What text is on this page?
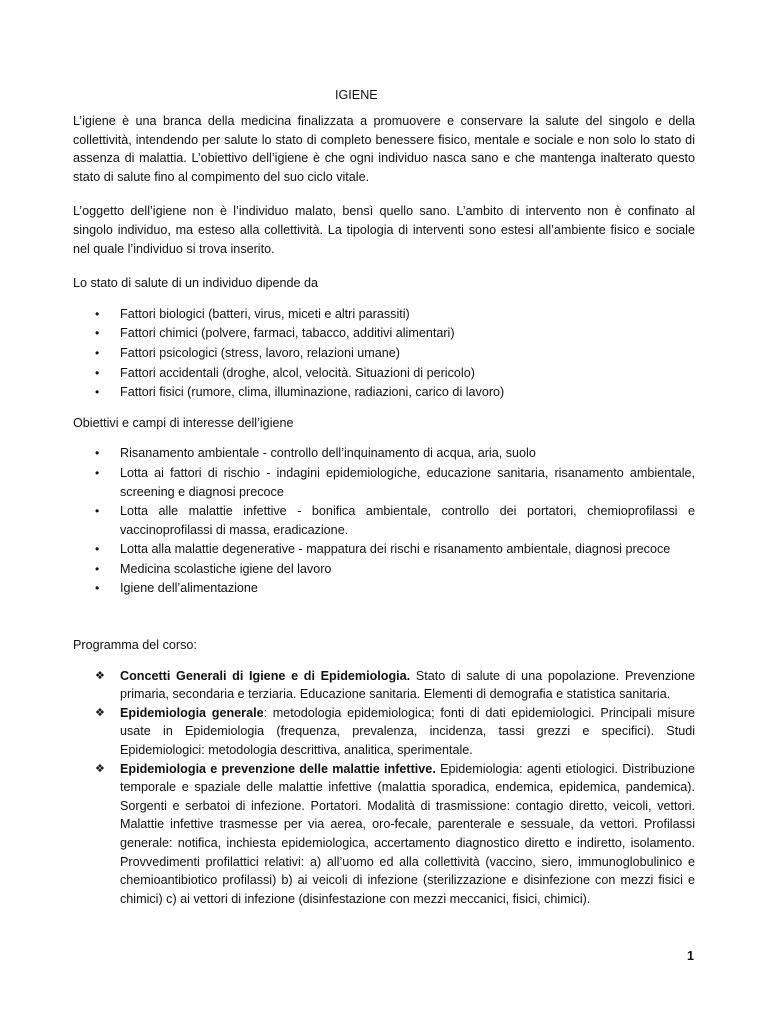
IGIENE

L’igiene è una branca della medicina finalizzata a promuovere e conservare la salute del singolo e della collettività, intendendo per salute lo stato di completo benessere fisico, mentale e sociale e non solo lo stato di assenza di malattia. L’obiettivo dell’igiene è che ogni individuo nasca sano e che mantenga inalterato questo stato di salute fino al compimento del suo ciclo vitale.

L’oggetto dell’igiene non è l’individuo malato, bensì quello sano. L’ambito di intervento non è confinato al singolo individuo, ma esteso alla collettività. La tipologia di interventi sono estesi all’ambiente fisico e sociale nel quale l’individuo si trova inserito.

Lo stato di salute di un individuo dipende da

• Fattori biologici (batteri, virus, miceti e altri parassiti)
• Fattori chimici (polvere, farmaci, tabacco, additivi alimentari)
• Fattori psicologici (stress, lavoro, relazioni umane)
• Fattori accidentali (droghe, alcol, velocità. Situazioni di pericolo)
• Fattori fisici (rumore, clima, illuminazione, radiazioni, carico di lavoro)

Obiettivi e campi di interesse dell’igiene

• Risanamento ambientale - controllo dell’inquinamento di acqua, aria, suolo
• Lotta ai fattori di rischio - indagini epidemiologiche, educazione sanitaria, risanamento ambientale, screening e diagnosi precoce
• Lotta alle malattie infettive - bonifica ambientale, controllo dei portatori, chemioprofilassi e vaccinoprofilassi di massa, eradicazione.
• Lotta alla malattie degenerative - mappatura dei rischi e risanamento ambientale, diagnosi precoce
• Medicina scolastiche igiene del lavoro
• Igiene dell’alimentazione

Programma del corso:

❖ Concetti Generali di Igiene e di Epidemiologia. Stato di salute di una popolazione. Prevenzione primaria, secondaria e terziaria. Educazione sanitaria. Elementi di demografia e statistica sanitaria.
❖ Epidemiologia generale: metodologia epidemiologica; fonti di dati epidemiologici. Principali misure usate in Epidemiologia (frequenza, prevalenza, incidenza, tassi grezzi e specifici). Studi Epidemiologici: metodologia descrittiva, analitica, sperimentale.
❖ Epidemiologia e prevenzione delle malattie infettive. Epidemiologia: agenti etiologici. Distribuzione temporale e spaziale delle malattie infettive (malattia sporadica, endemica, epidemica, pandemica). Sorgenti e serbatoi di infezione. Portatori. Modalità di trasmissione: contagio diretto, veicoli, vettori. Malattie infettive trasmesse per via aerea, oro-fecale, parenterale e sessuale, da vettori. Profilassi generale: notifica, inchiesta epidemiologica, accertamento diagnostico diretto e indiretto, isolamento. Provvedimenti profilattici relativi: a) all’uomo ed alla collettività (vaccino, siero, immunoglobulinico e chemioantibiotico profilassi) b) ai veicoli di infezione (sterilizzazione e disinfezione con mezzi fisici e chimici) c) ai vettori di infezione (disinfestazione con mezzi meccanici, fisici, chimici).
1
